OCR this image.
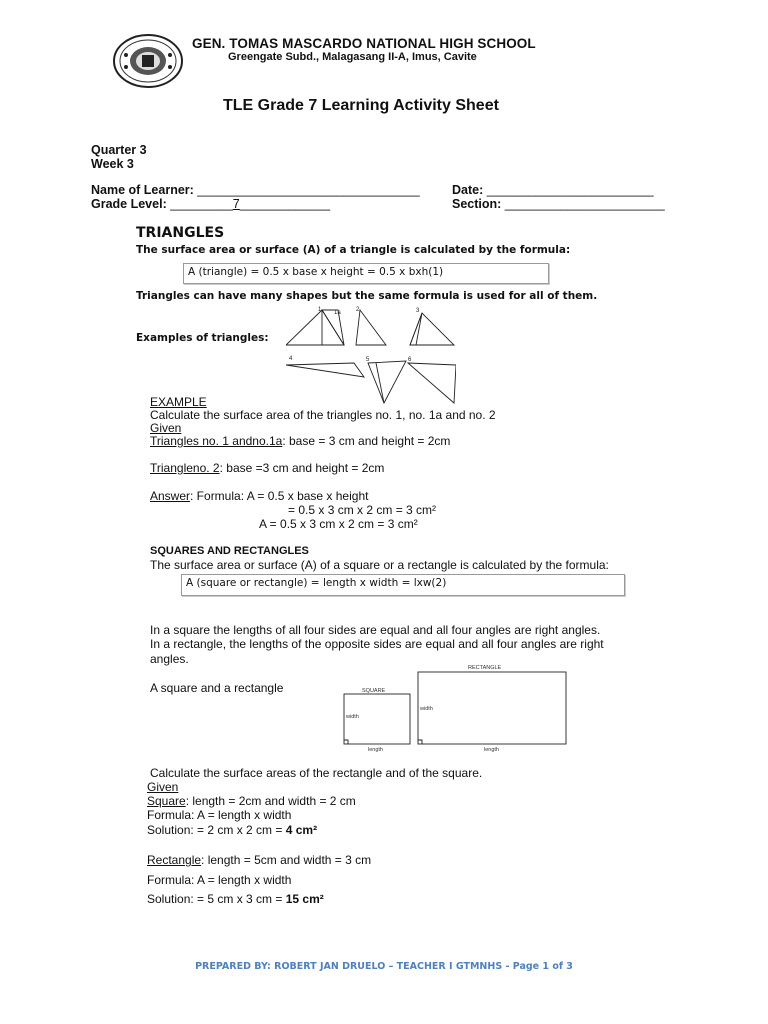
GEN. TOMAS MASCARDO NATIONAL HIGH SCHOOL
Greengate Subd., Malagasang II-A, Imus, Cavite
TLE Grade 7 Learning Activity Sheet
Quarter 3
Week 3
Name of Learner: ________________________________	Date: ________________________
Grade Level: _________7_____________	Section: _______________________
TRIANGLES
The surface area or surface (A) of a triangle is calculated by the formula:
A (triangle) = 0.5 x base x height = 0.5 x bxh(1)
Triangles can have many shapes but the same formula is used for all of them.
Examples of triangles:
1 1a	2	3
4	5	6
EXAMPLE
Calculate the surface area of the triangles no. 1, no. 1a and no. 2
Given
Triangles no. 1 andno.1a: base = 3 cm and height = 2cm
Triangleno. 2: base =3 cm and height = 2cm
Answer: Formula: A = 0.5 x base x height
= 0.5 x 3 cm x 2 cm = 3 cm²
A = 0.5 x 3 cm x 2 cm = 3 cm²
SQUARES AND RECTANGLES
The surface area or surface (A) of a square or a rectangle is calculated by the formula:
A (square or rectangle) = length x width = lxw(2)
In a square the lengths of all four sides are equal and all four angles are right angles.
In a rectangle, the lengths of the opposite sides are equal and all four angles are right
angles.
A square and a rectangle	SQUARE
RECTANGLE
width
width
length	length
Calculate the surface areas of the rectangle and of the square.
Given
Square: length = 2cm and width = 2 cm
Formula: A = length x width
Solution: = 2 cm x 2 cm = 4 cm²
Rectangle: length = 5cm and width = 3 cm
Formula: A = length x width
Solution: = 5 cm x 3 cm = 15 cm²
PREPARED BY: ROBERT JAN DRUELO – TEACHER I GTMNHS - Page 1 of 3
